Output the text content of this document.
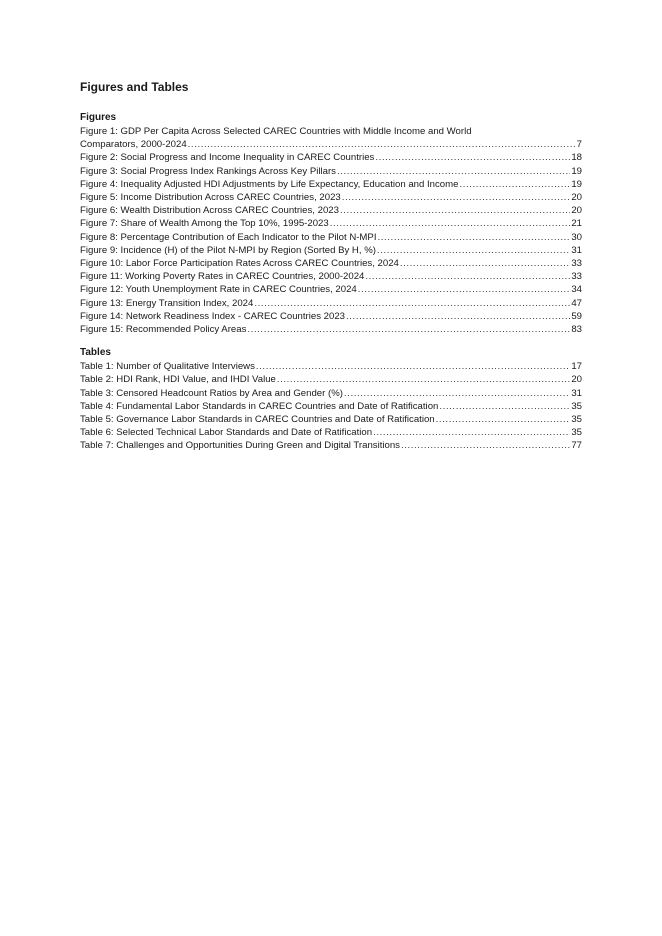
Figures and Tables
Figures
Figure 1: GDP Per Capita Across Selected CAREC Countries with Middle Income and World
Comparators, 2000-2024 .....	7
Figure 2: Social Progress and Income Inequality in CAREC Countries .....	18
Figure 3: Social Progress Index Rankings Across Key Pillars .....	19
Figure 4: Inequality Adjusted HDI Adjustments by Life Expectancy, Education and Income .....	19
Figure 5: Income Distribution Across CAREC Countries, 2023 .....	20
Figure 6: Wealth Distribution Across CAREC Countries, 2023 .....	20
Figure 7: Share of Wealth Among the Top 10%, 1995-2023 .....	21
Figure 8: Percentage Contribution of Each Indicator to the Pilot N-MPI .....	30
Figure 9: Incidence (H) of the Pilot N-MPI by Region (Sorted By H, %) .....	31
Figure 10: Labor Force Participation Rates Across CAREC Countries, 2024 .....	33
Figure 11: Working Poverty Rates in CAREC Countries, 2000-2024 .....	33
Figure 12: Youth Unemployment Rate in CAREC Countries, 2024 .....	34
Figure 13: Energy Transition Index, 2024 .....	47
Figure 14: Network Readiness Index - CAREC Countries 2023 .....	59
Figure 15: Recommended Policy Areas .....	83
Tables
Table 1: Number of Qualitative Interviews .....	17
Table 2: HDI Rank, HDI Value, and IHDI Value .....	20
Table 3: Censored Headcount Ratios by Area and Gender (%) .....	31
Table 4: Fundamental Labor Standards in CAREC Countries and Date of Ratification .....	35
Table 5: Governance Labor Standards in CAREC Countries and Date of Ratification .....	35
Table 6: Selected Technical Labor Standards and Date of Ratification .....	35
Table 7: Challenges and Opportunities During Green and Digital Transitions .....	77
